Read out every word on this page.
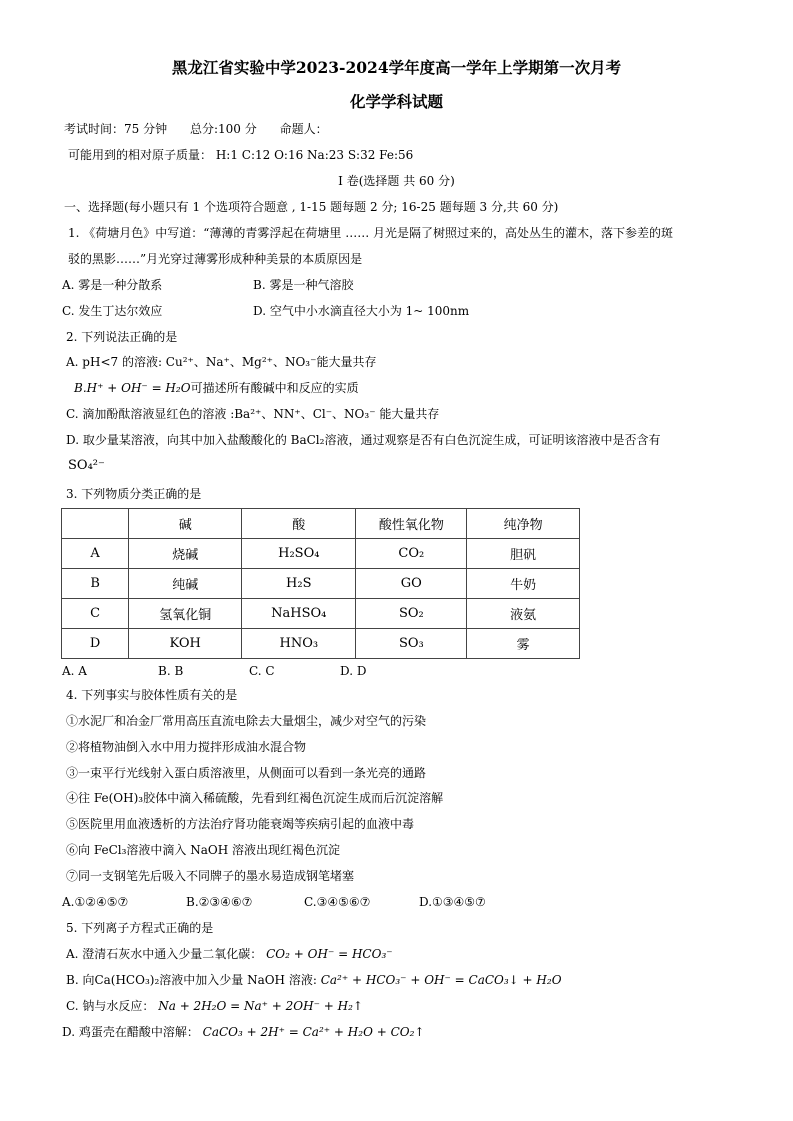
黑龙江省实验中学2023-2024学年度高一学年上学期第一次月考
化学学科试题
考试时间：75 分钟      总分:100 分      命题人：
可能用到的相对原子质量： H:1 C:12 O:16 Na:23 S:32 Fe:56
I 卷(选择题 共 60 分)
一、选择题(每小题只有 1 个选项符合题意 , 1-15 题每题 2 分; 16-25 题每题 3 分,共 60 分)
1. 《荷塘月色》中写道：“薄薄的青雾浮起在荷塘里 …… 月光是隔了树照过来的，高处丛生的灌木，落下参差的斑
驳的黑影……”月光穿过薄雾形成种种美景的本质原因是
A. 雾是一种分散系	B. 雾是一种气溶胶
C. 发生丁达尔效应	D. 空气中小水滴直径大小为 1~ 100nm
2. 下列说法正确的是
A. pH<7 的溶液: Cu²⁺、Na⁺、Mg²⁺、NO₃⁻能大量共存
B.H⁺ + OH⁻ = H₂O可描述所有酸碱中和反应的实质
C. 滴加酚酞溶液显红色的溶液 :Ba²⁺、NN⁺、Cl⁻、NO₃⁻ 能大量共存
D. 取少量某溶液，向其中加入盐酸酸化的 BaCl₂溶液，通过观察是否有白色沉淀生成，可证明该溶液中是否含有
SO₄²⁻
3. 下列物质分类正确的是
	碱	酸	酸性氧化物	纯净物
A	烧碱	H₂SO₄	CO₂	胆矾
B	纯碱	H₂S	GO	牛奶
C	氢氧化铜	NaHSO₄	SO₂	液氨
D	KOH	HNO₃	SO₃	雾
A. A	B. B	C. C	D. D
4. 下列事实与胶体性质有关的是
①水泥厂和冶金厂常用高压直流电除去大量烟尘，减少对空气的污染
②将植物油倒入水中用力搅拌形成油水混合物
③一束平行光线射入蛋白质溶液里，从侧面可以看到一条光亮的通路
④往 Fe(OH)₃胶体中滴入稀硫酸，先看到红褐色沉淀生成而后沉淀溶解
⑤医院里用血液透析的方法治疗肾功能衰竭等疾病引起的血液中毒
⑥向 FeCl₃溶液中滴入 NaOH 溶液出现红褐色沉淀
⑦同一支钢笔先后吸入不同牌子的墨水易造成钢笔堵塞
A.①②④⑤⑦	B.②③④⑥⑦	C.③④⑤⑥⑦	D.①③④⑤⑦
5. 下列离子方程式正确的是
A. 澄清石灰水中通入少量二氧化碳： CO₂ + OH⁻ = HCO₃⁻
B. 向Ca(HCO₃)₂溶液中加入少量 NaOH 溶液: Ca²⁺ + HCO₃⁻ + OH⁻ = CaCO₃↓ + H₂O
C. 钠与水反应： Na + 2H₂O = Na⁺ + 2OH⁻ + H₂↑
D. 鸡蛋壳在醋酸中溶解： CaCO₃ + 2H⁺ = Ca²⁺ + H₂O + CO₂↑
